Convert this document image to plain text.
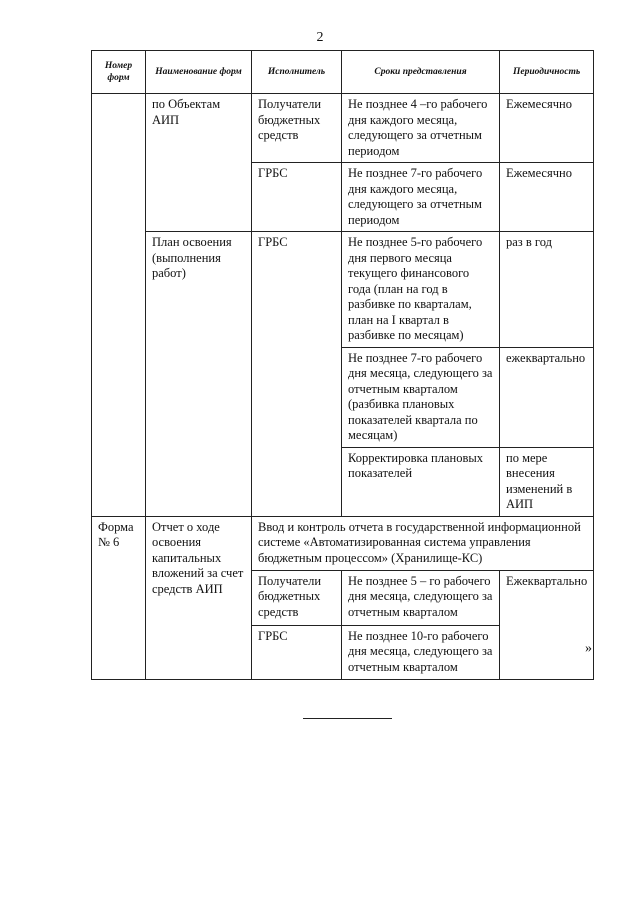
2
Номер форм	Наименование форм	Исполнитель	Сроки представления	Периодичность
	по Объектам АИП	Получатели бюджетных средств	Не позднее 4 –го рабочего дня каждого месяца, следующего за отчетным периодом	Ежемесячно
		ГРБС	Не позднее 7-го рабочего дня каждого месяца, следующего за отчетным периодом	Ежемесячно
	План освоения (выполнения работ)	ГРБС	Не позднее 5-го рабочего дня первого месяца текущего финансового года (план на год в разбивке по кварталам, план на I квартал в разбивке по месяцам)	раз в год
			Не позднее 7-го рабочего дня месяца, следующего за отчетным кварталом (разбивка плановых показателей квартала по месяцам)	ежеквартально
			Корректировка плановых показателей	по мере внесения изменений в АИП
Форма № 6	Отчет о ходе освоения капитальных вложений за счет средств АИП	Ввод и контроль отчета в государственной информационной системе «Автоматизированная система управления бюджетным процессом» (Хранилище-КС)		
		Получатели бюджетных средств	Не позднее 5 – го рабочего дня месяца, следующего за отчетным кварталом	Ежеквартально
		ГРБС	Не позднее 10-го рабочего дня месяца, следующего за отчетным кварталом	
»
